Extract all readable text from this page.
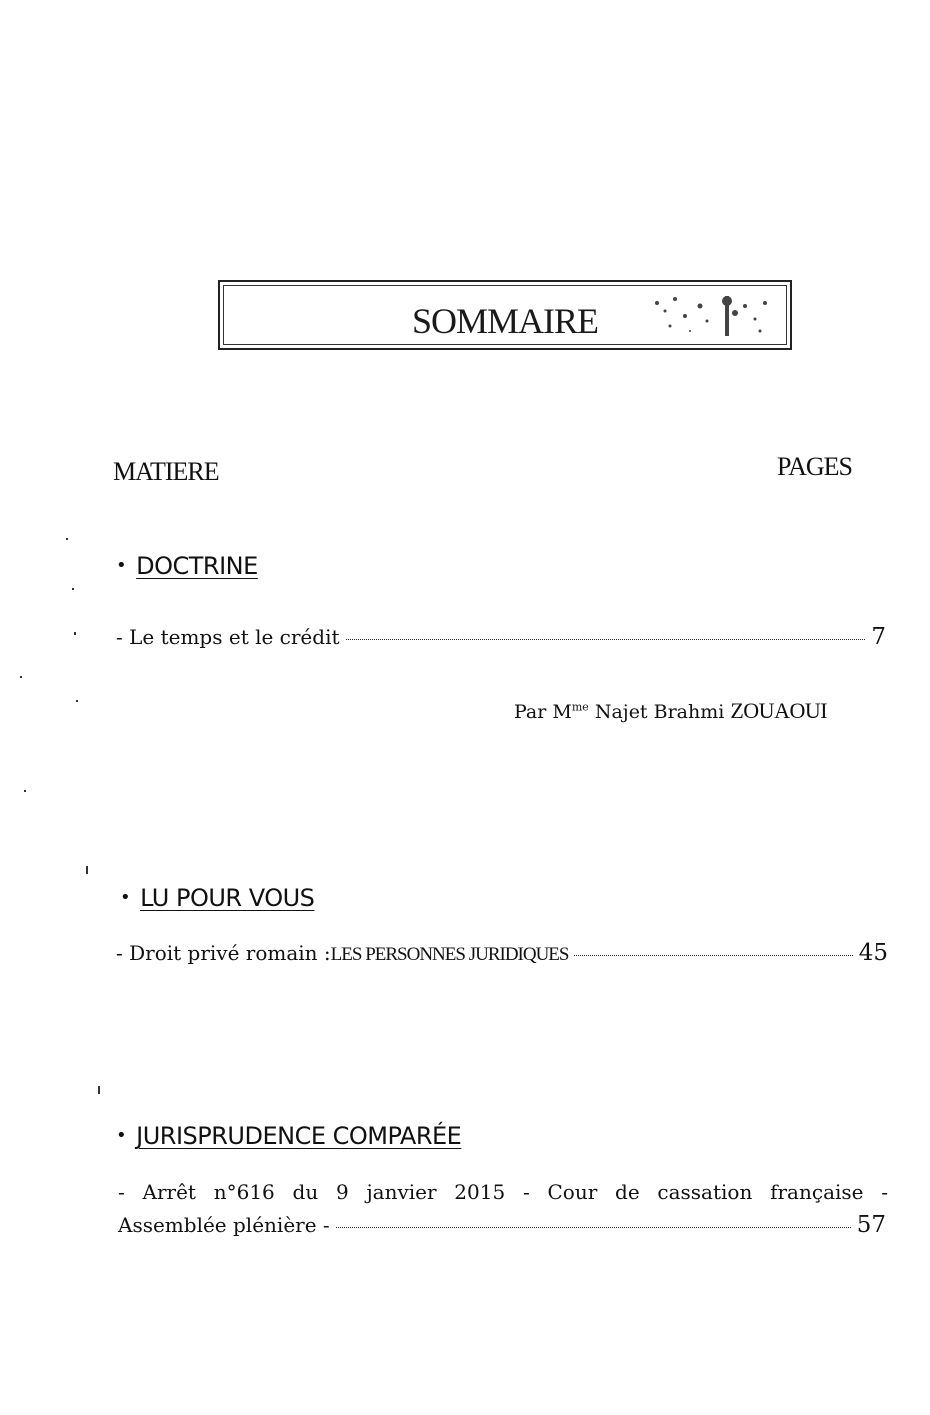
SOMMAIRE
MATIERE	PAGES
• DOCTRINE
- Le temps et le crédit	7
Par $M^{me}$ Najet Brahmi ZOUAOUI
• LU POUR VOUS
- Droit privé romain : LES PERSONNES JURIDIQUES	45
• JURISPRUDENCE COMPARÉE
- Arrêt n°616 du 9 janvier 2015 - Cour de cassation française -
Assemblée plénière -	57
